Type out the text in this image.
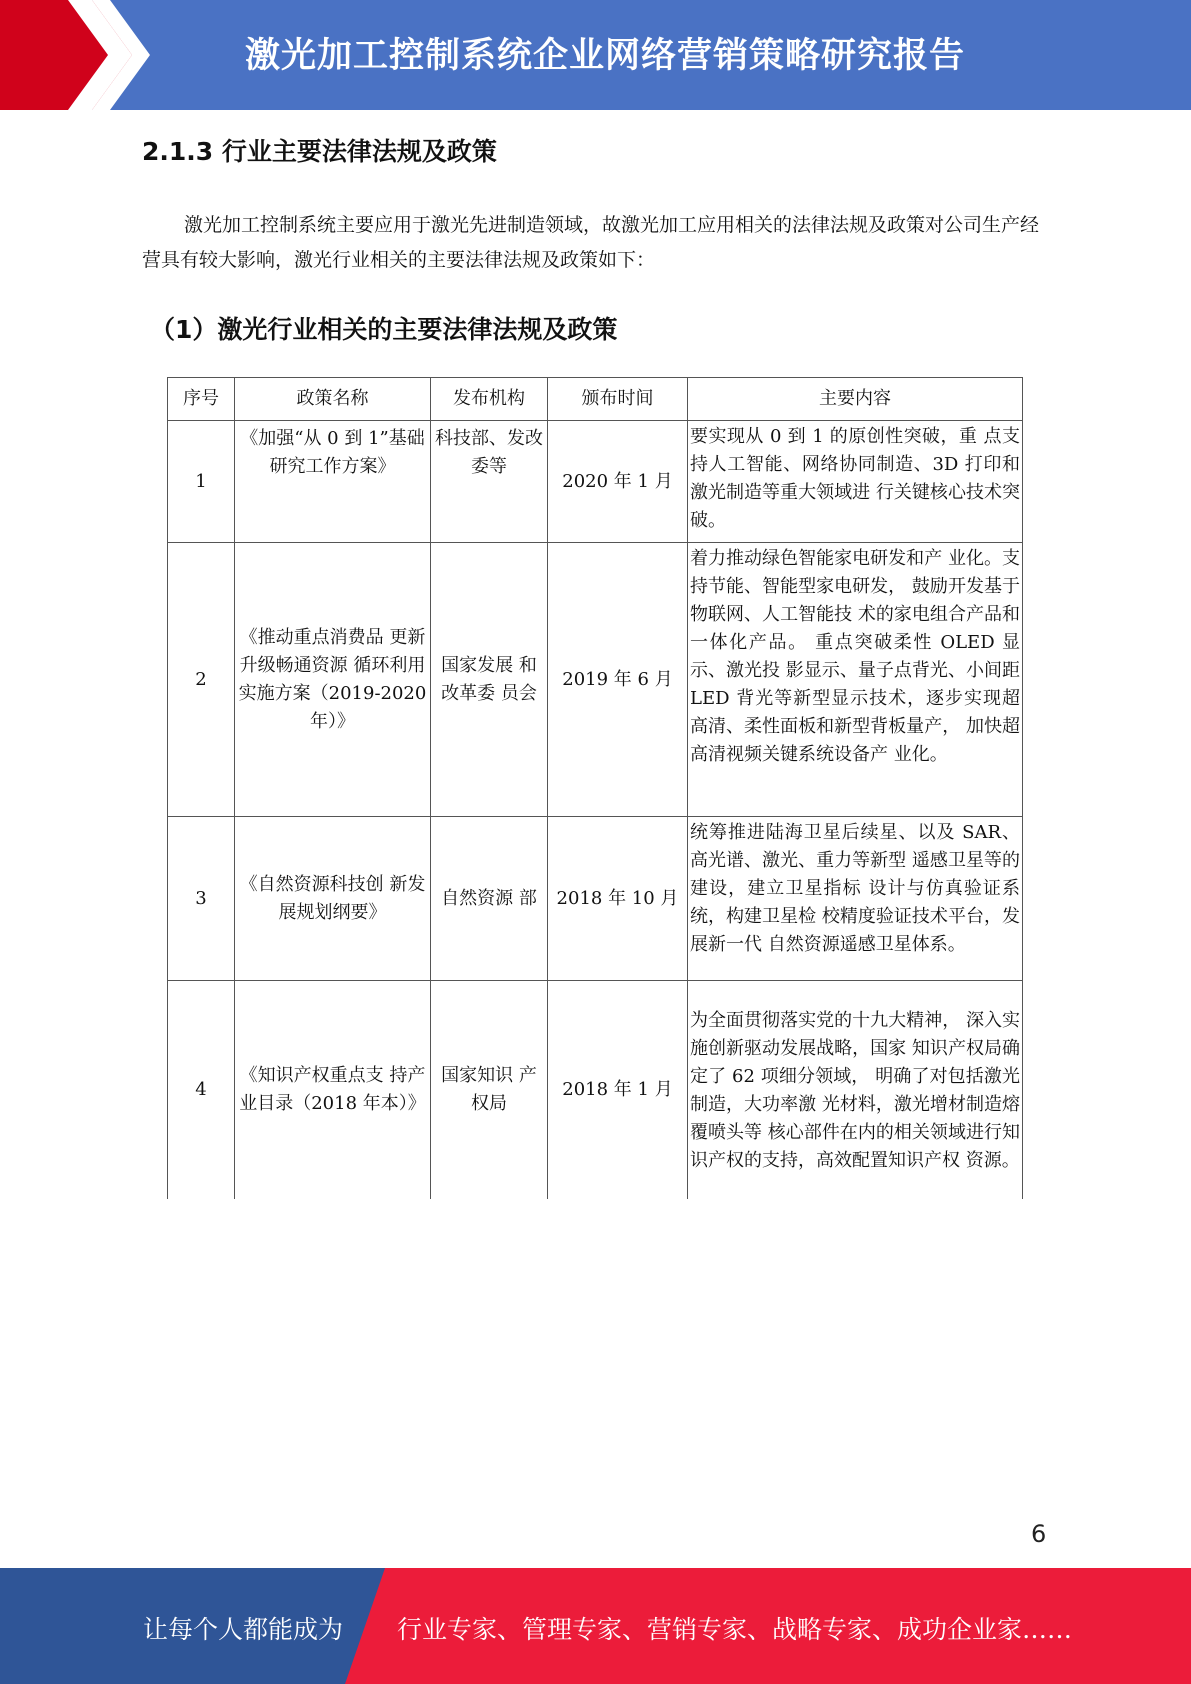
激光加工控制系统企业网络营销策略研究报告
2.1.3 行业主要法律法规及政策

激光加工控制系统主要应用于激光先进制造领域，故激光加工应用相关的法律法规及政策对公司生产经营具有较大影响，激光行业相关的主要法律法规及政策如下：

（1）激光行业相关的主要法律法规及政策
序号	政策名称	发布机构	颁布时间	主要内容
1	《加强“从 0 到 1”基础研究工作方案》	科技部、发改委等	2020 年 1 月	要实现从 0 到 1 的原创性突破，重 点支持人工智能、网络协同制造、3D 打印和激光制造等重大领域进 行关键核心技术突破。
2	《推动重点消费品 更新升级畅通资源 循环利用实施方案（2019-2020 年）》	国家发展 和改革委 员会	2019 年 6 月	着力推动绿色智能家电研发和产 业化。支持节能、智能型家电研发， 鼓励开发基于物联网、人工智能技 术的家电组合产品和一体化产品。 重点突破柔性 OLED 显示、激光投 影显示、量子点背光、小间距 LED 背光等新型显示技术，逐步实现超 高清、柔性面板和新型背板量产， 加快超高清视频关键系统设备产 业化。
3	《自然资源科技创 新发展规划纲要》	自然资源 部	2018 年 10 月	统筹推进陆海卫星后续星、以及 SAR、高光谱、激光、重力等新型 遥感卫星等的建设，建立卫星指标 设计与仿真验证系统，构建卫星检 校精度验证技术平台，发展新一代 自然资源遥感卫星体系。
4	《知识产权重点支 持产业目录（2018 年本）》	国家知识 产权局	2018 年 1 月	为全面贯彻落实党的十九大精神， 深入实施创新驱动发展战略，国家 知识产权局确定了 62 项细分领域， 明确了对包括激光制造，大功率激 光材料，激光增材制造熔覆喷头等 核心部件在内的相关领域进行知 识产权的支持，高效配置知识产权 资源。
6
让每个人都能成为 行业专家、管理专家、营销专家、战略专家、成功企业家……
